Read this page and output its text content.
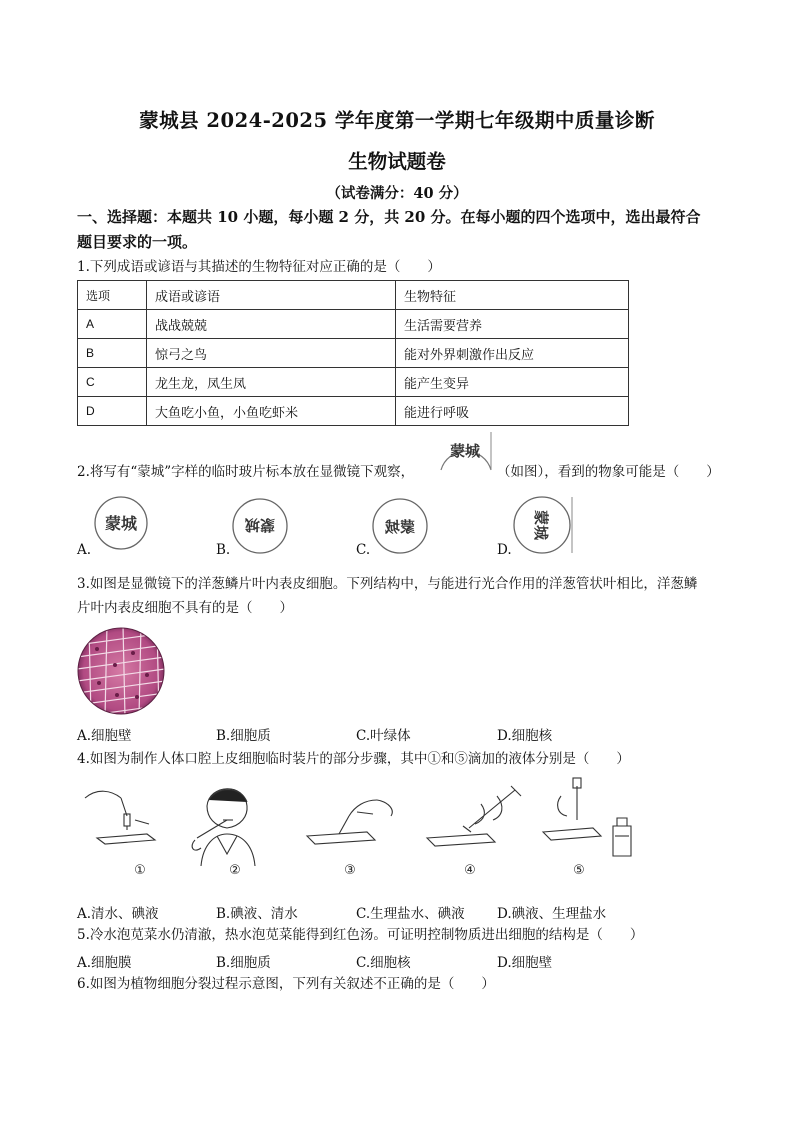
蒙城县 2024-2025 学年度第一学期七年级期中质量诊断
生物试题卷
（试卷满分：40 分）
一、选择题：本题共 10 小题，每小题 2 分，共 20 分。在每小题的四个选项中，选出最符合
题目要求的一项。
1.下列成语或谚语与其描述的生物特征对应正确的是（　　）
选项	成语或谚语	生物特征
A	战战兢兢	生活需要营养
B	惊弓之鸟	能对外界刺激作出反应
C	龙生龙，凤生凤	能产生变异
D	大鱼吃小鱼，小鱼吃虾米	能进行呼吸
2.将写有“蒙城”字样的临时玻片标本放在显微镜下观察，
蒙城
（如图），看到的物象可能是（　　）
A.
蒙城
B.
蒙城
C.
蒙城
D.
蒙城
3.如图是显微镜下的洋葱鳞片叶内表皮细胞。下列结构中，与能进行光合作用的洋葱管状叶相比，洋葱鳞
片叶内表皮细胞不具有的是（　　）
A.细胞壁	B.细胞质	C.叶绿体	D.细胞核
4.如图为制作人体口腔上皮细胞临时装片的部分步骤，其中①和⑤滴加的液体分别是（　　）
①	②	③	④	⑤
A.清水、碘液	B.碘液、清水	C.生理盐水、碘液 D.碘液、生理盐水
5.冷水泡苋菜水仍清澈，热水泡苋菜能得到红色汤。可证明控制物质进出细胞的结构是（　　）
A.细胞膜	B.细胞质	C.细胞核	D.细胞壁
6.如图为植物细胞分裂过程示意图，下列有关叙述不正确的是（　　）
